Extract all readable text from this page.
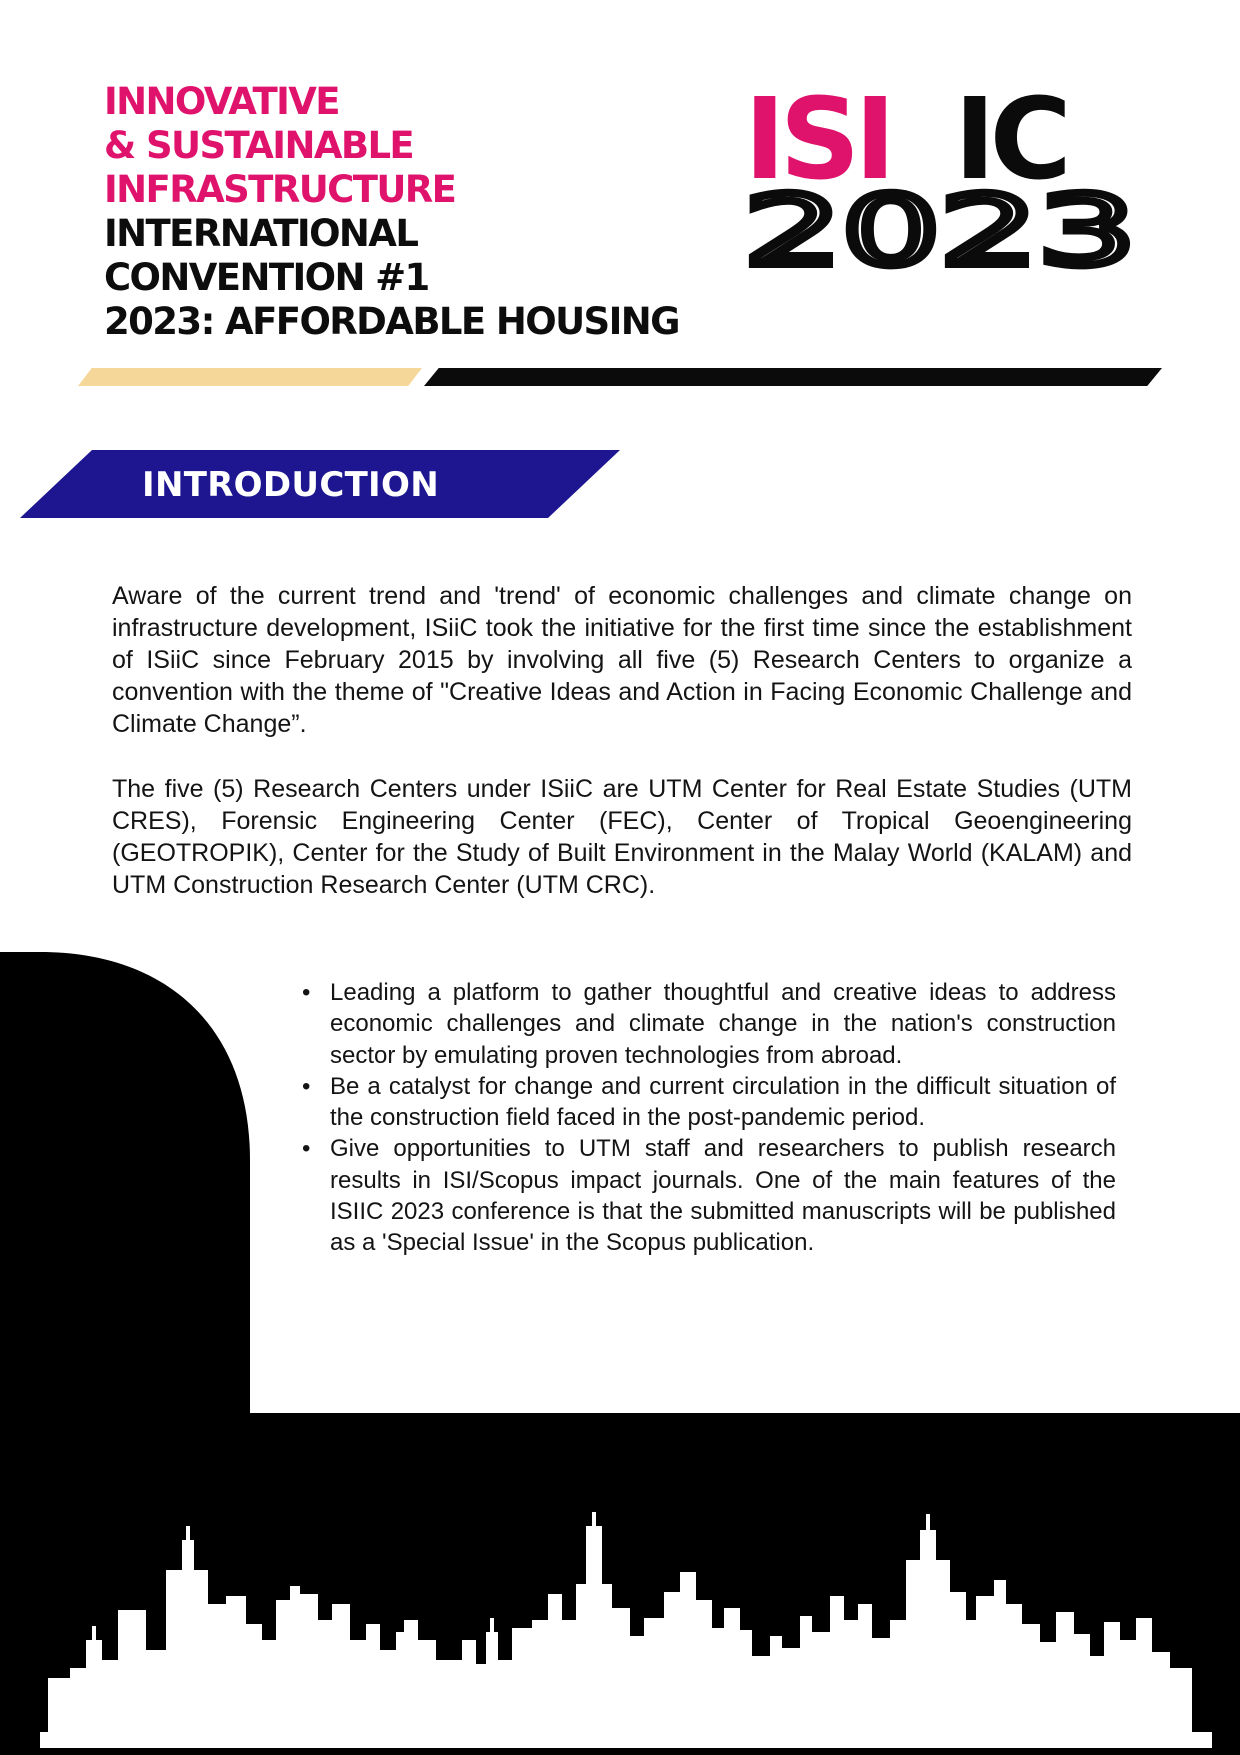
INNOVATIVE
& SUSTAINABLE
INFRASTRUCTURE
INTERNATIONAL
CONVENTION #1
2023: AFFORDABLE HOUSING
ISI IC
2023
INTRODUCTION

Aware of the current trend and 'trend' of economic challenges and climate change on infrastructure development, ISiiC took the initiative for the first time since the establishment of ISiiC since February 2015 by involving all five (5) Research Centers to organize a convention with the theme of "Creative Ideas and Action in Facing Economic Challenge and Climate Change”.

The five (5) Research Centers under ISiiC are UTM Center for Real Estate Studies (UTM CRES), Forensic Engineering Center (FEC), Center of Tropical Geoengineering (GEOTROPIK), Center for the Study of Built Environment in the Malay World (KALAM) and UTM Construction Research Center (UTM CRC).

• Leading a platform to gather thoughtful and creative ideas to address economic challenges and climate change in the nation's construction sector by emulating proven technologies from abroad.
• Be a catalyst for change and current circulation in the difficult situation of the construction field faced in the post-pandemic period.
• Give opportunities to UTM staff and researchers to publish research results in ISI/Scopus impact journals. One of the main features of the ISIIC 2023 conference is that the submitted manuscripts will be published as a 'Special Issue' in the Scopus publication.
